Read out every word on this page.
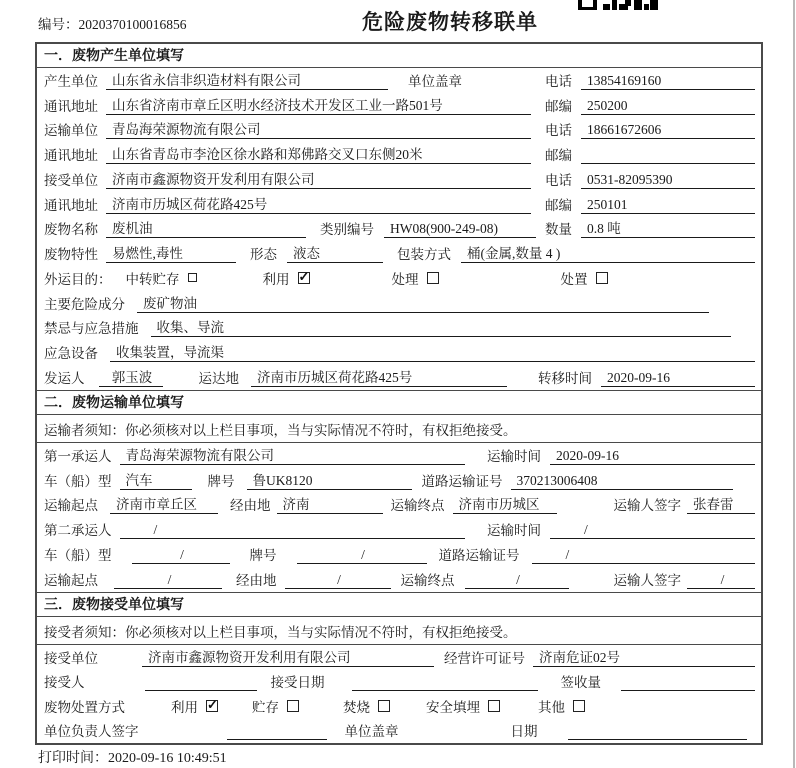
编号：2020370100016856	危险废物转移联单
一．废物产生单位填写
产生单位	山东省永信非织造材料有限公司	单位盖章	电话	13854169160
通讯地址	山东省济南市章丘区明水经济技术开发区工业一路501号	邮编	250200
运输单位	青岛海荣源物流有限公司	电话	18661672606
通讯地址	山东省青岛市李沧区徐水路和郑佛路交叉口东侧20米	邮编
接受单位	济南市鑫源物资开发利用有限公司	电话	0531-82095390
通讯地址	济南市历城区荷花路425号	邮编	250101
废物名称	废机油	类别编号	HW08(900-249-08)	数量	0.8 吨
废物特性	易燃性,毒性	形态	液态	包装方式	桶(金属,数量 4 )
外运目的： 中转贮存	利用 ✓	处理	处置
主要危险成分	废矿物油
禁忌与应急措施	收集、导流
应急设备	收集装置，导流渠
发运人	郭玉波	运达地	济南市历城区荷花路425号	转移时间	2020-09-16
二．废物运输单位填写
运输者须知：你必须核对以上栏目事项，当与实际情况不符时，有权拒绝接受。
第一承运人	青岛海荣源物流有限公司	运输时间	2020-09-16
车（船）型	汽车	牌号	鲁UK8120	道路运输证号	370213006408
运输起点	济南市章丘区	经由地 济南	运输终点	济南市历城区	运输人签字 张春雷
第二承运人	/	运输时间	/
车（船）型	/	牌号	/	道路运输证号	/
运输起点	/	经由地	/	运输终点	/	运输人签字	/
三．废物接受单位填写
接受者须知：你必须核对以上栏目事项，当与实际情况不符时，有权拒绝接受。
接受单位	济南市鑫源物资开发利用有限公司	经营许可证号	济南危证02号
接受人	接受日期	签收量
废物处置方式	利用 ✓	贮存	焚烧	安全填埋	其他
单位负责人签字	单位盖章	日期
打印时间：2020-09-16 10:49:51
